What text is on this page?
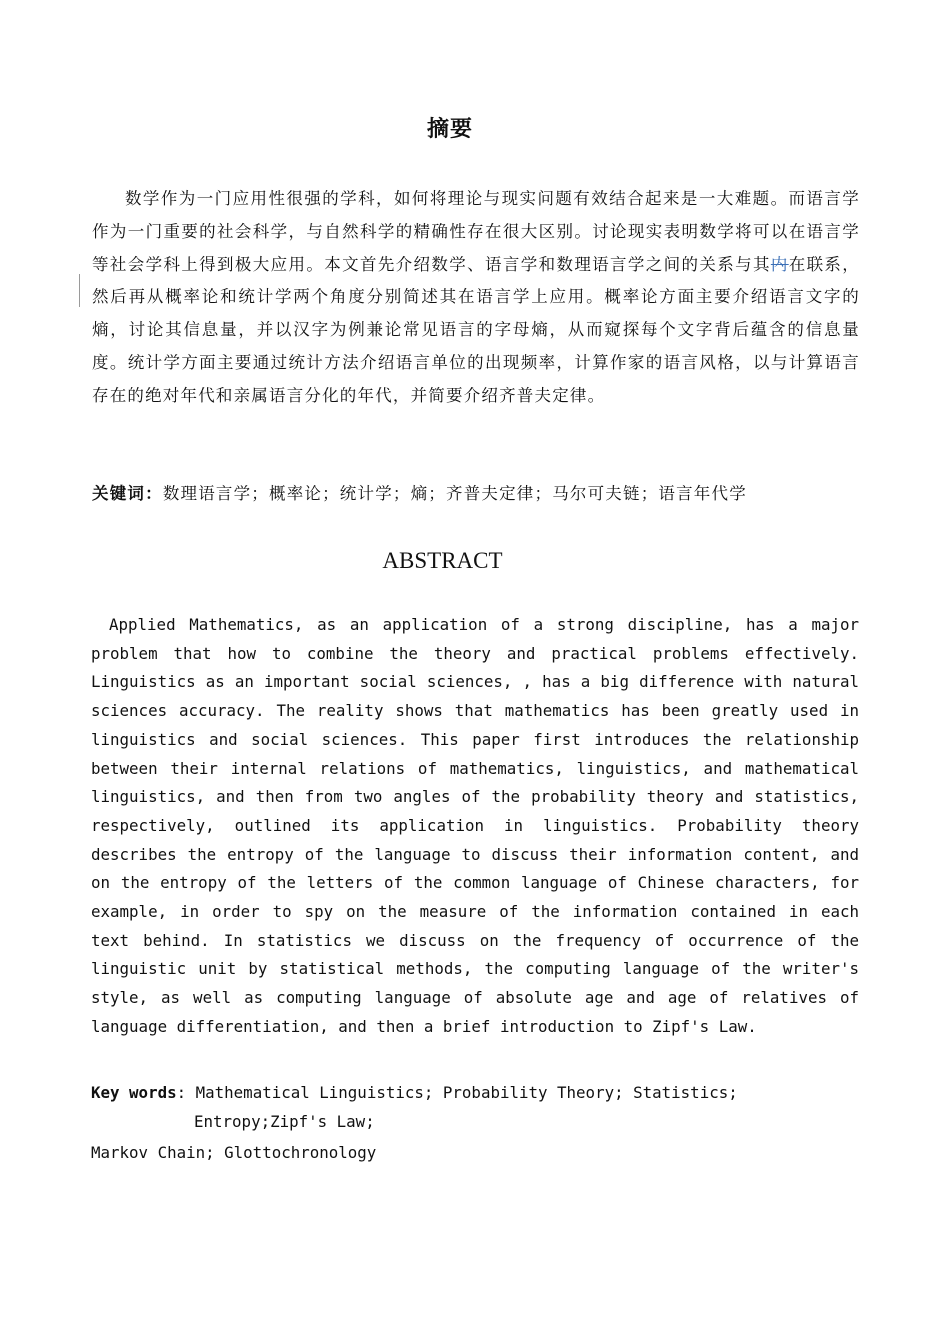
摘要

数学作为一门应用性很强的学科，如何将理论与现实问题有效结合起来是一大难题。而语言学作为一门重要的社会科学，与自然科学的精确性存在很大区别。讨论现实表明数学将可以在语言学等社会学科上得到极大应用。本文首先介绍数学、语言学和数理语言学之间的关系与其内在联系，然后再从概率论和统计学两个角度分别简述其在语言学上应用。概率论方面主要介绍语言文字的熵，讨论其信息量，并以汉字为例兼论常见语言的字母熵，从而窥探每个文字背后蕴含的信息量度。统计学方面主要通过统计方法介绍语言单位的出现频率，计算作家的语言风格，以与计算语言存在的绝对年代和亲属语言分化的年代，并简要介绍齐普夫定律。

关键词：数理语言学；概率论；统计学；熵；齐普夫定律；马尔可夫链；语言年代学

ABSTRACT

Applied Mathematics, as an application of a strong discipline, has a major problem that how to combine the theory and practical problems effectively. Linguistics as an important social sciences, , has a big difference with natural sciences accuracy. The reality shows that mathematics has been greatly used in linguistics and social sciences. This paper first introduces the relationship between their internal relations of mathematics, linguistics, and mathematical linguistics, and then from two angles of the probability theory and statistics, respectively, outlined its application in linguistics. Probability theory describes the entropy of the language to discuss their information content, and on the entropy of the letters of the common language of Chinese characters, for example, in order to spy on the measure of the information contained in each text behind. In statistics we discuss on the frequency of occurrence of the linguistic unit by statistical methods, the computing language of the writer's style, as well as computing language of absolute age and age of relatives of language differentiation, and then a brief introduction to Zipf's Law.

Key words: Mathematical Linguistics; Probability Theory; Statistics;
Entropy;Zipf's Law;
Markov Chain; Glottochronology
